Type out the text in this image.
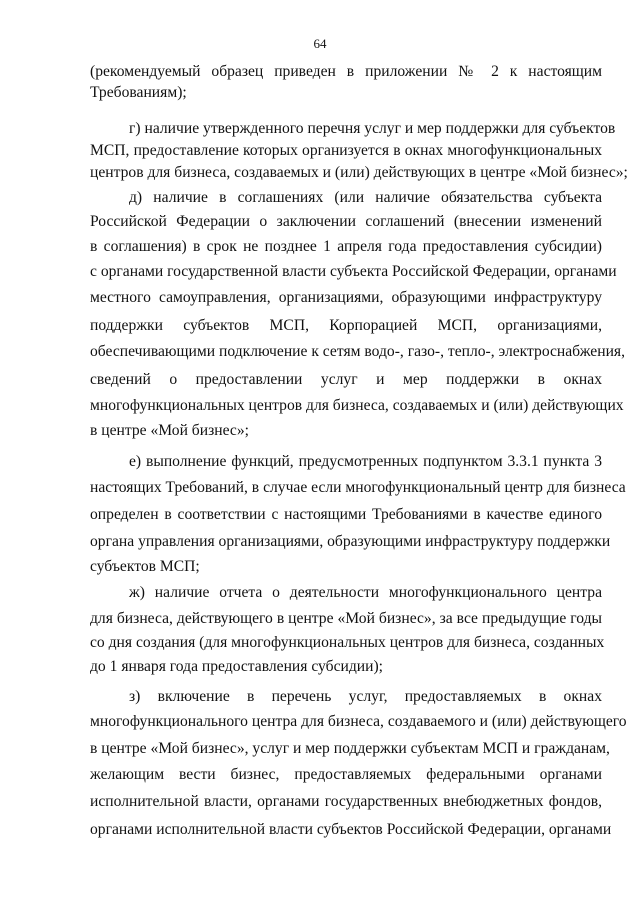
64
(рекомендуемый образец приведен в приложении № 2 к настоящим
Требованиям);
г) наличие утвержденного перечня услуг и мер поддержки для субъектов
МСП, предоставление которых организуется в окнах многофункциональных
центров для бизнеса, создаваемых и (или) действующих в центре «Мой бизнес»;
д) наличие в соглашениях (или наличие обязательства субъекта
Российской Федерации о заключении соглашений (внесении изменений
в соглашения) в срок не позднее 1 апреля года предоставления субсидии)
с органами государственной власти субъекта Российской Федерации, органами
местного самоуправления, организациями, образующими инфраструктуру
поддержки субъектов МСП, Корпорацией МСП, организациями,
обеспечивающими подключение к сетям водо-, газо-, тепло-, электроснабжения,
сведений о предоставлении услуг и мер поддержки в окнах
многофункциональных центров для бизнеса, создаваемых и (или) действующих
в центре «Мой бизнес»;
е) выполнение функций, предусмотренных подпунктом 3.3.1 пункта 3
настоящих Требований, в случае если многофункциональный центр для бизнеса
определен в соответствии с настоящими Требованиями в качестве единого
органа управления организациями, образующими инфраструктуру поддержки
субъектов МСП;
ж) наличие отчета о деятельности многофункционального центра
для бизнеса, действующего в центре «Мой бизнес», за все предыдущие годы
со дня создания (для многофункциональных центров для бизнеса, созданных
до 1 января года предоставления субсидии);
з) включение в перечень услуг, предоставляемых в окнах
многофункционального центра для бизнеса, создаваемого и (или) действующего
в центре «Мой бизнес», услуг и мер поддержки субъектам МСП и гражданам,
желающим вести бизнес, предоставляемых федеральными органами
исполнительной власти, органами государственных внебюджетных фондов,
органами исполнительной власти субъектов Российской Федерации, органами
